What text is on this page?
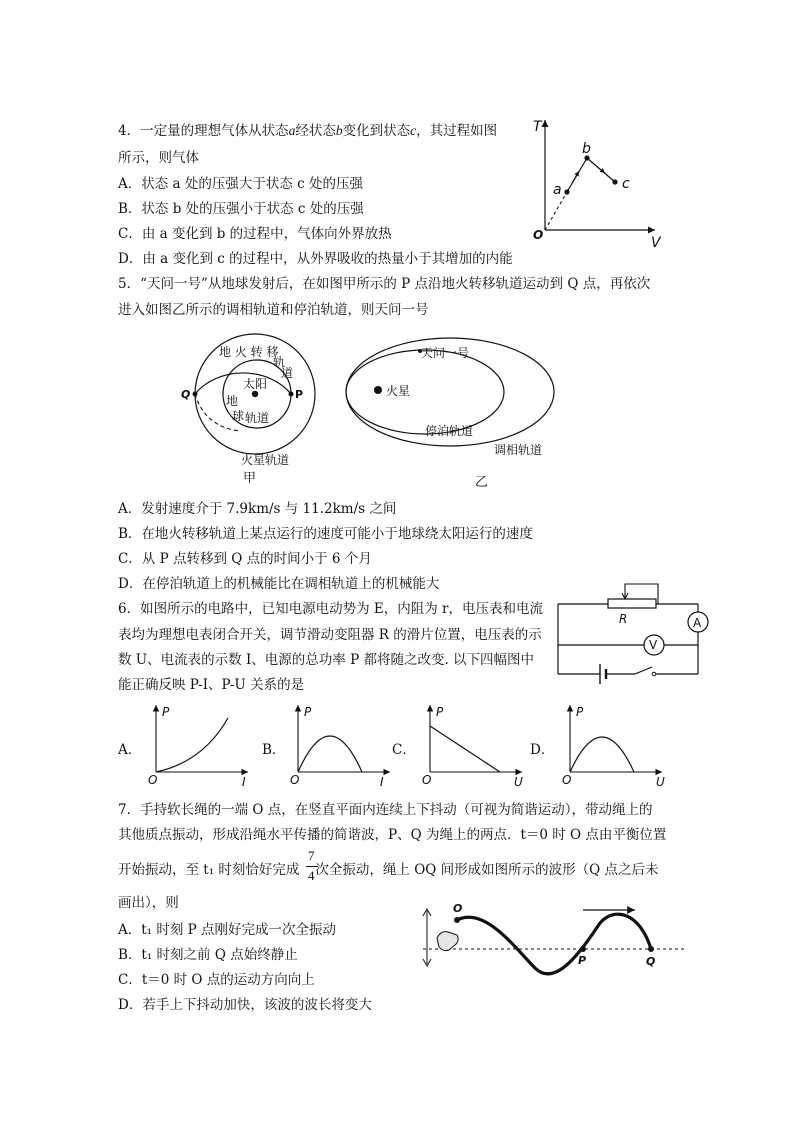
4．一定量的理想气体从状态a经状态b变化到状态c，其过程如图
所示，则气体
A．状态 a 处的压强大于状态 c 处的压强
B．状态 b 处的压强小于状态 c 处的压强
C．由 a 变化到 b 的过程中，气体向外界放热
D．由 a 变化到 c 的过程中，从外界吸收的热量小于其增加的内能
T
V
O
a
b
c
5．“天问一号”从地球发射后，在如图甲所示的 P 点沿地火转移轨道运动到 Q 点，再依次
进入如图乙所示的调相轨道和停泊轨道，则天问一号
地 火 转 移
轨
道
太阳
地
球 轨道
Q	P
火星轨道
甲
天问一号
火星
停泊轨道
调相轨道
乙
A．发射速度介于 7.9km/s 与 11.2km/s 之间
B．在地火转移轨道上某点运行的速度可能小于地球绕太阳运行的速度
C．从 P 点转移到 Q 点的时间小于 6 个月
D．在停泊轨道上的机械能比在调相轨道上的机械能大
6．如图所示的电路中，已知电源电动势为 E，内阻为 r，电压表和电流
表均为理想电表闭合开关，调节滑动变阻器 R 的滑片位置，电压表的示
数 U、电流表的示数 I、电源的总功率 P 都将随之改变. 以下四幅图中
能正确反映 P-I、P-U 关系的是
R	A
V
A．
P
I
O
B．
P
I
O
C．
P
U
O
D．
P
U
O
7．手持软长绳的一端 O 点，在竖直平面内连续上下抖动（可视为简谐运动），带动绳上的
其他质点振动，形成沿绳水平传播的简谐波，P、Q 为绳上的两点．t＝0 时 O 点由平衡位置
开始振动，至 t₁ 时刻恰好完成 次全振动，绳上 OQ 间形成如图所示的波形（Q 点之后未
7
4
画出），则
A．t₁ 时刻 P 点刚好完成一次全振动
B．t₁ 时刻之前 Q 点始终静止
C．t＝0 时 O 点的运动方向向上
D．若手上下抖动加快，该波的波长将变大
O
P	Q
